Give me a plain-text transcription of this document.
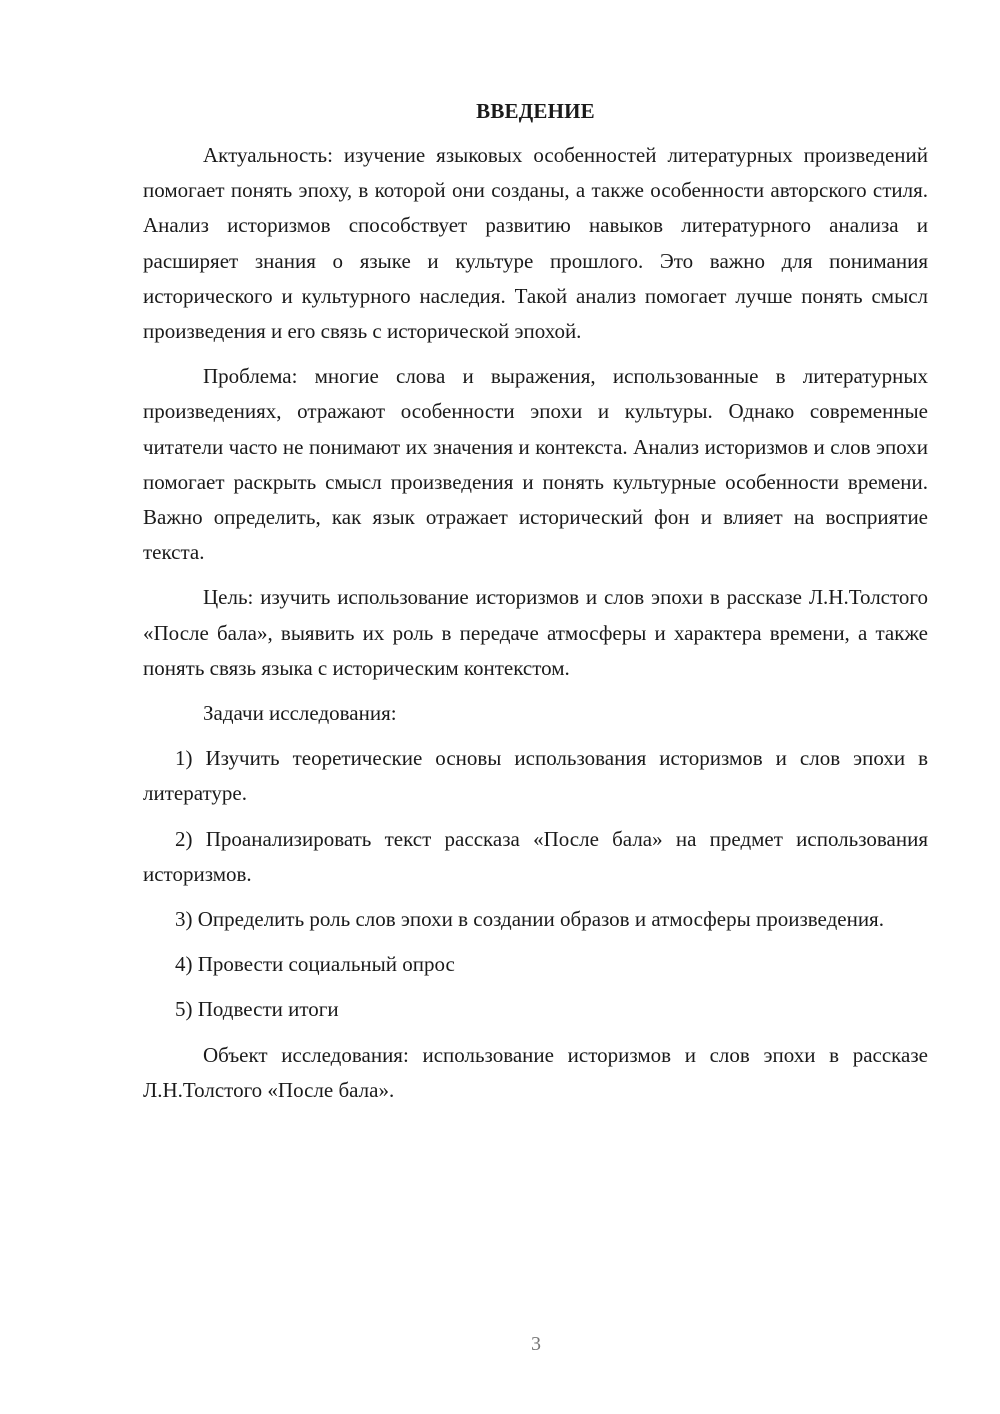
ВВЕДЕНИЕ

Актуальность: изучение языковых особенностей литературных произведений помогает понять эпоху, в которой они созданы, а также особенности авторского стиля. Анализ историзмов способствует развитию навыков литературного анализа и расширяет знания о языке и культуре прошлого. Это важно для понимания исторического и культурного наследия. Такой анализ помогает лучше понять смысл произведения и его связь с исторической эпохой.

Проблема: многие слова и выражения, использованные в литературных произведениях, отражают особенности эпохи и культуры. Однако современные читатели часто не понимают их значения и контекста. Анализ историзмов и слов эпохи помогает раскрыть смысл произведения и понять культурные особенности времени. Важно определить, как язык отражает исторический фон и влияет на восприятие текста.

Цель: изучить использование историзмов и слов эпохи в рассказе Л.Н.Толстого «После бала», выявить их роль в передаче атмосферы и характера времени, а также понять связь языка с историческим контекстом.

Задачи исследования:

1) Изучить теоретические основы использования историзмов и слов эпохи в литературе.

2) Проанализировать текст рассказа «После бала» на предмет использования историзмов.

3) Определить роль слов эпохи в создании образов и атмосферы произведения.

4) Провести социальный опрос

5) Подвести итоги

Объект исследования: использование историзмов и слов эпохи в рассказе Л.Н.Толстого «После бала».

3
